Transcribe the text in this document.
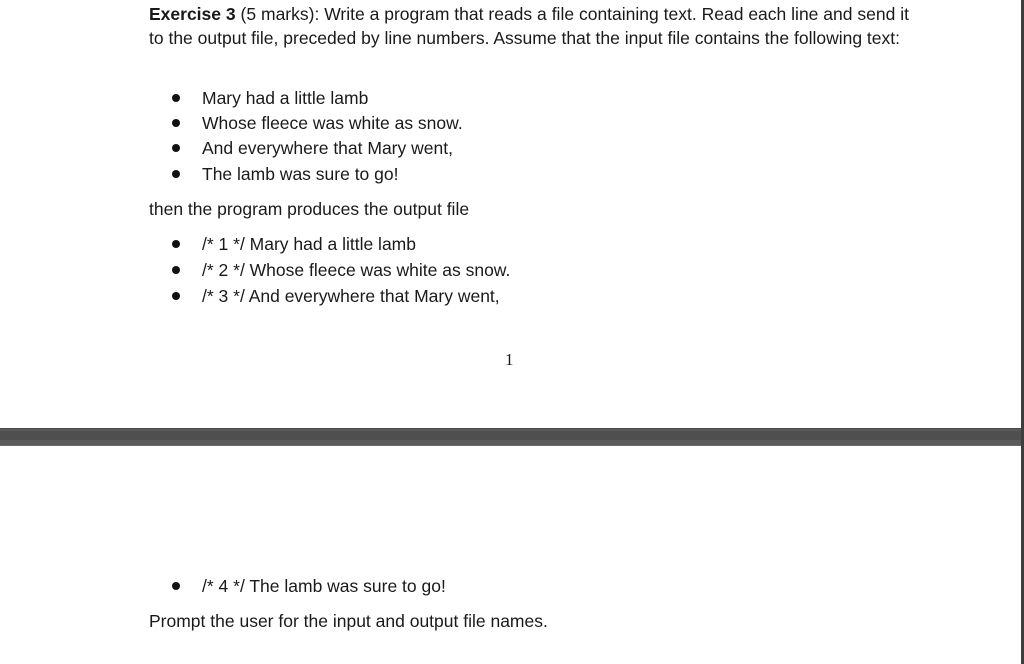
Exercise 3 (5 marks): Write a program that reads a file containing text. Read each line and send it to the output file, preceded by line numbers. Assume that the input file contains the following text:

Mary had a little lamb
Whose fleece was white as snow.
And everywhere that Mary went,
The lamb was sure to go!

then the program produces the output file

/* 1 */ Mary had a little lamb
/* 2 */ Whose fleece was white as snow.
/* 3 */ And everywhere that Mary went,
1
/* 4 */ The lamb was sure to go!

Prompt the user for the input and output file names.
